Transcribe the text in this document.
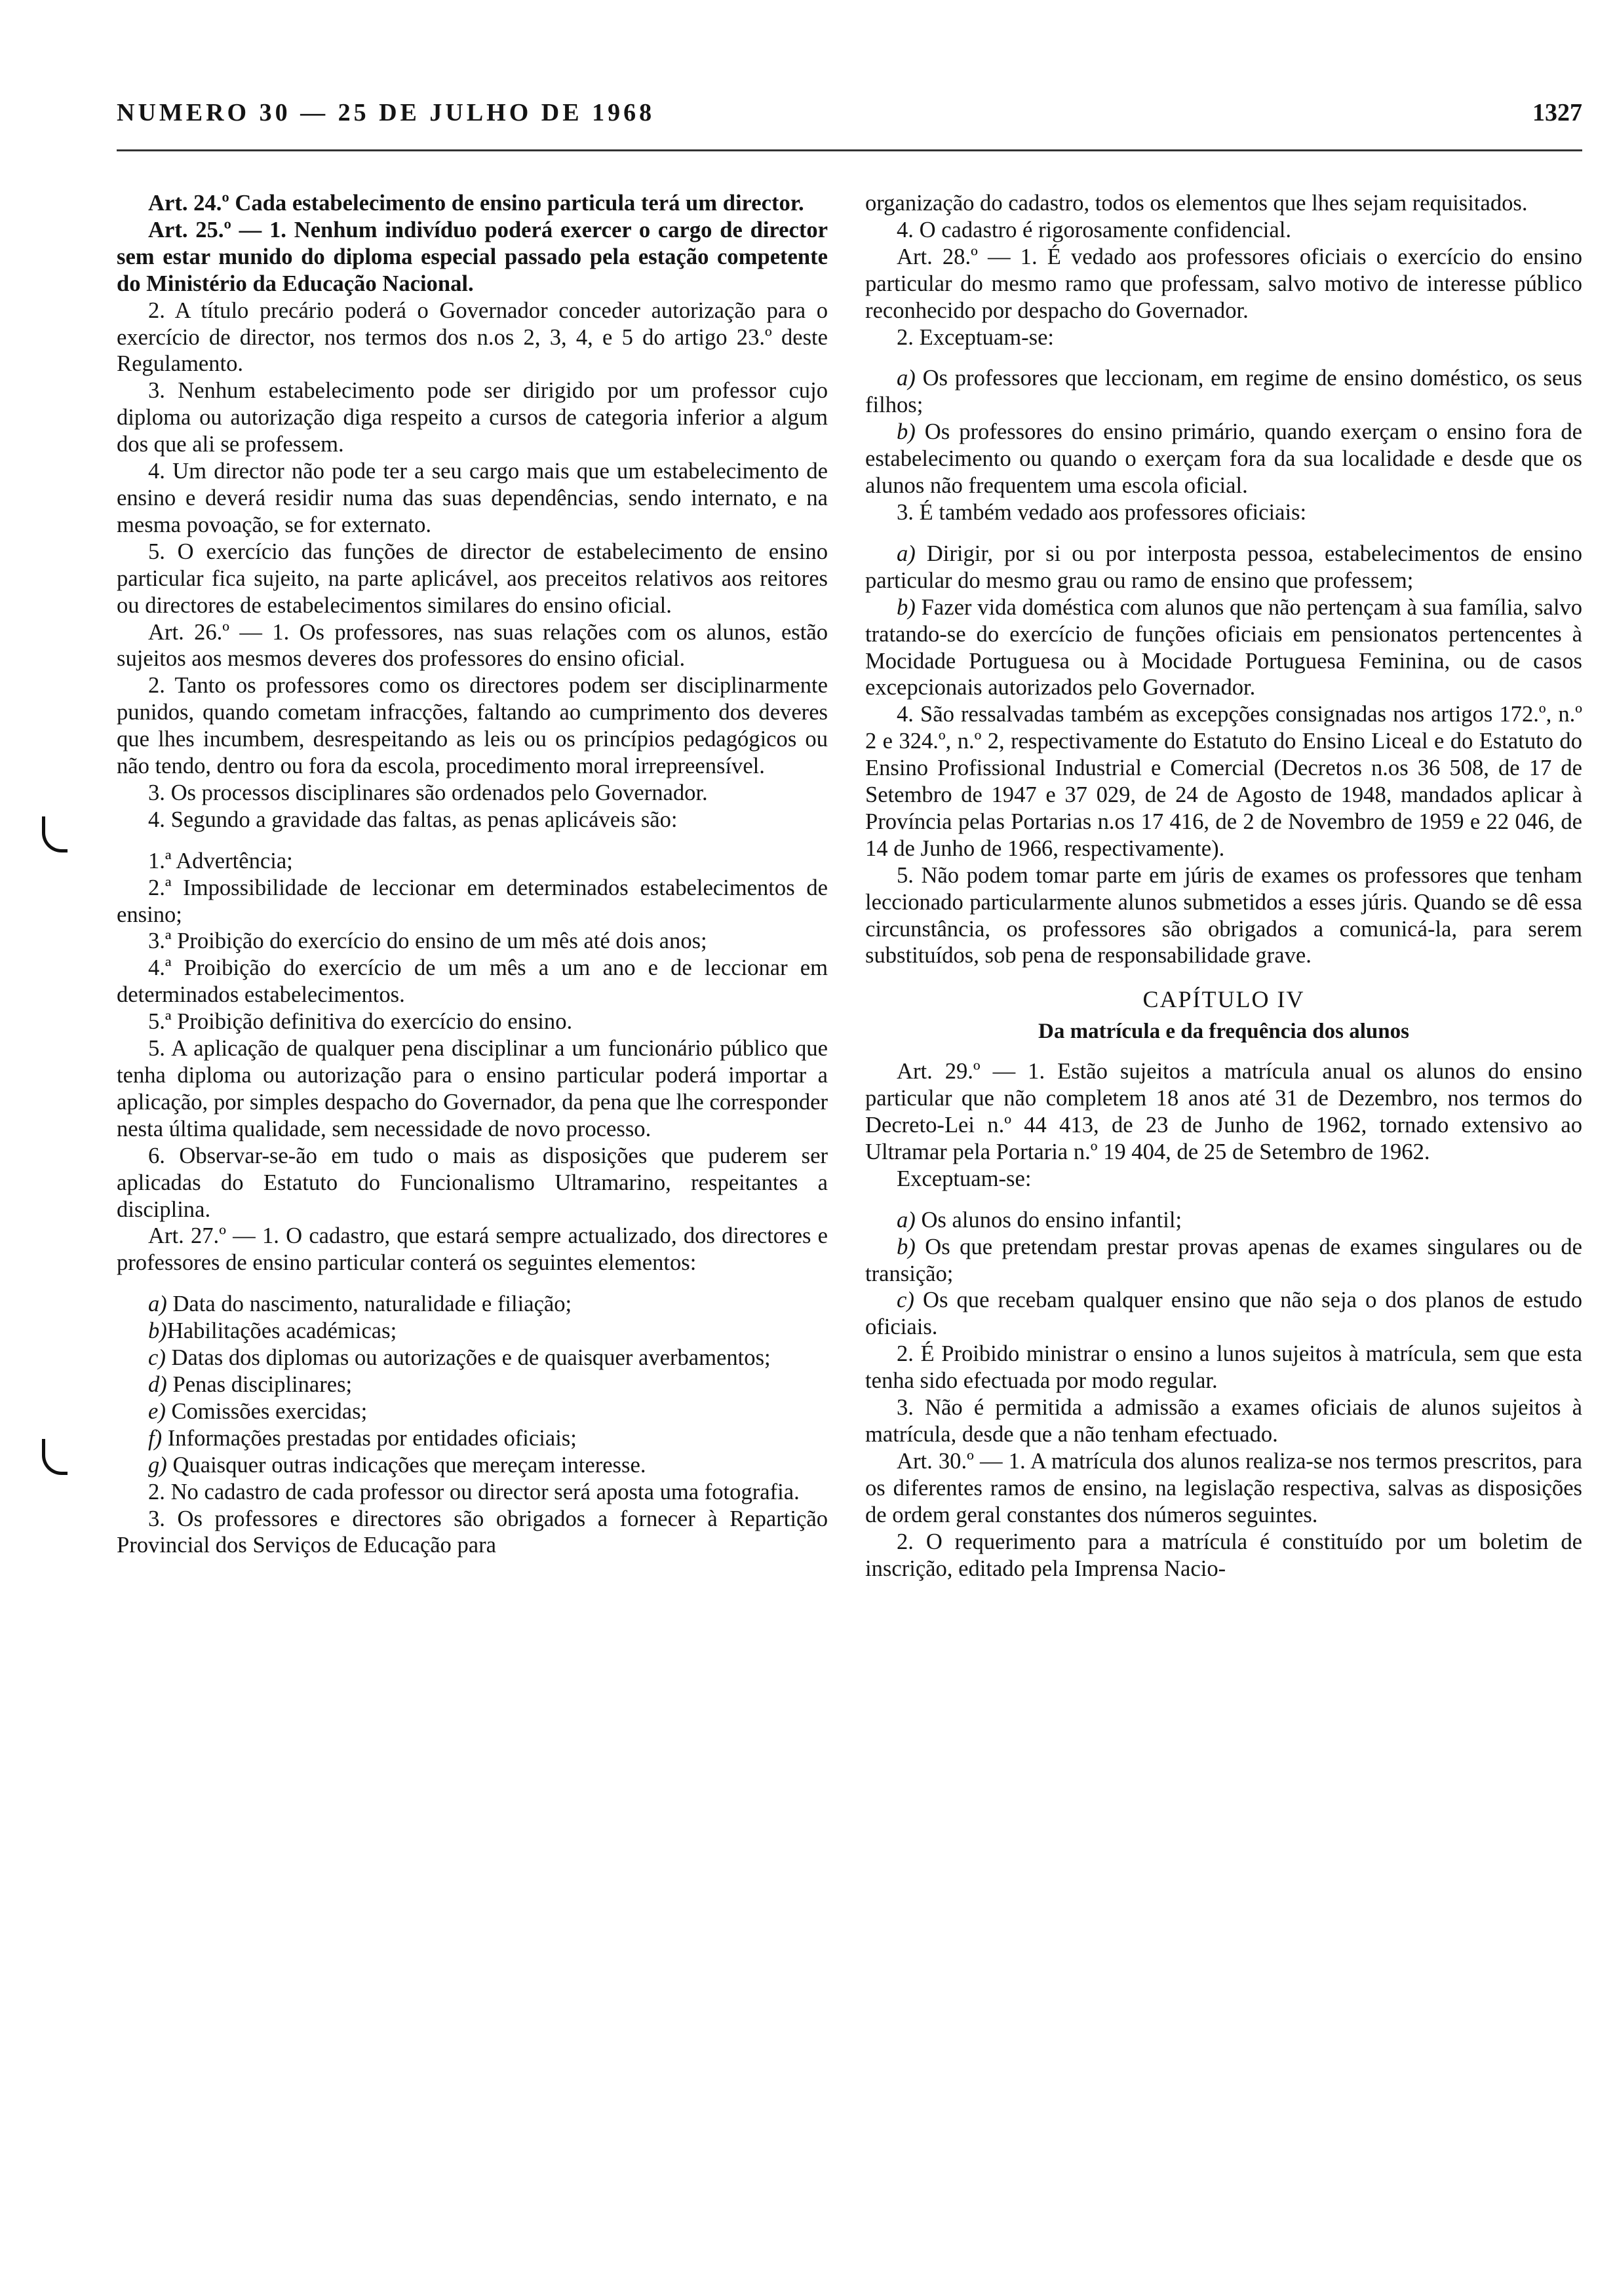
NUMERO 30 — 25 DE JULHO DE 1968	1327

Art. 24.º Cada estabelecimento de ensino particula terá um director.

Art. 25.º — 1. Nenhum indivíduo poderá exercer o cargo de director sem estar munido do diploma especial passado pela estação competente do Ministério da Educação Nacional.

2. A título precário poderá o Governador conceder autorização para o exercício de director, nos termos dos n.os 2, 3, 4, e 5 do artigo 23.º deste Regulamento.

3. Nenhum estabelecimento pode ser dirigido por um professor cujo diploma ou autorização diga respeito a cursos de categoria inferior a algum dos que ali se professem.

4. Um director não pode ter a seu cargo mais que um estabelecimento de ensino e deverá residir numa das suas dependências, sendo internato, e na mesma povoação, se for externato.

5. O exercício das funções de director de estabelecimento de ensino particular fica sujeito, na parte aplicável, aos preceitos relativos aos reitores ou directores de estabelecimentos similares do ensino oficial.

Art. 26.º — 1. Os professores, nas suas relações com os alunos, estão sujeitos aos mesmos deveres dos professores do ensino oficial.

2. Tanto os professores como os directores podem ser disciplinarmente punidos, quando cometam infracções, faltando ao cumprimento dos deveres que lhes incumbem, desrespeitando as leis ou os princípios pedagógicos ou não tendo, dentro ou fora da escola, procedimento moral irrepreensível.

3. Os processos disciplinares são ordenados pelo Governador.

4. Segundo a gravidade das faltas, as penas aplicáveis são:

1.ª Advertência;

2.ª Impossibilidade de leccionar em determinados estabelecimentos de ensino;

3.ª Proibição do exercício do ensino de um mês até dois anos;

4.ª Proibição do exercício de um mês a um ano e de leccionar em determinados estabelecimentos.

5.ª Proibição definitiva do exercício do ensino.

5. A aplicação de qualquer pena disciplinar a um funcionário público que tenha diploma ou autorização para o ensino particular poderá importar a aplicação, por simples despacho do Governador, da pena que lhe corresponder nesta última qualidade, sem necessidade de novo processo.

6. Observar-se-ão em tudo o mais as disposições que puderem ser aplicadas do Estatuto do Funcionalismo Ultramarino, respeitantes a disciplina.

Art. 27.º — 1. O cadastro, que estará sempre actualizado, dos directores e professores de ensino particular conterá os seguintes elementos:

a) Data do nascimento, naturalidade e filiação;

b)Habilitações académicas;

c) Datas dos diplomas ou autorizações e de quaisquer averbamentos;

d) Penas disciplinares;

e) Comissões exercidas;

f) Informações prestadas por entidades oficiais;

g) Quaisquer outras indicações que mereçam interesse.

2. No cadastro de cada professor ou director será aposta uma fotografia.

3. Os professores e directores são obrigados a fornecer à Repartição Provincial dos Serviços de Educação para

organização do cadastro, todos os elementos que lhes sejam requisitados.

4. O cadastro é rigorosamente confidencial.

Art. 28.º — 1. É vedado aos professores oficiais o exercício do ensino particular do mesmo ramo que professam, salvo motivo de interesse público reconhecido por despacho do Governador.

2. Exceptuam-se:

a) Os professores que leccionam, em regime de ensino doméstico, os seus filhos;

b) Os professores do ensino primário, quando exerçam o ensino fora de estabelecimento ou quando o exerçam fora da sua localidade e desde que os alunos não frequentem uma escola oficial.

3. É também vedado aos professores oficiais:

a) Dirigir, por si ou por interposta pessoa, estabelecimentos de ensino particular do mesmo grau ou ramo de ensino que professem;

b) Fazer vida doméstica com alunos que não pertençam à sua família, salvo tratando-se do exercício de funções oficiais em pensionatos pertencentes à Mocidade Portuguesa ou à Mocidade Portuguesa Feminina, ou de casos excepcionais autorizados pelo Governador.

4. São ressalvadas também as excepções consignadas nos artigos 172.º, n.º 2 e 324.º, n.º 2, respectivamente do Estatuto do Ensino Liceal e do Estatuto do Ensino Profissional Industrial e Comercial (Decretos n.os 36 508, de 17 de Setembro de 1947 e 37 029, de 24 de Agosto de 1948, mandados aplicar à Província pelas Portarias n.os 17 416, de 2 de Novembro de 1959 e 22 046, de 14 de Junho de 1966, respectivamente).

5. Não podem tomar parte em júris de exames os professores que tenham leccionado particularmente alunos submetidos a esses júris. Quando se dê essa circunstância, os professores são obrigados a comunicá-la, para serem substituídos, sob pena de responsabilidade grave.

CAPÍTULO IV

Da matrícula e da frequência dos alunos

Art. 29.º — 1. Estão sujeitos a matrícula anual os alunos do ensino particular que não completem 18 anos até 31 de Dezembro, nos termos do Decreto-Lei n.º 44 413, de 23 de Junho de 1962, tornado extensivo ao Ultramar pela Portaria n.º 19 404, de 25 de Setembro de 1962.

Exceptuam-se:

a) Os alunos do ensino infantil;

b) Os que pretendam prestar provas apenas de exames singulares ou de transição;

c) Os que recebam qualquer ensino que não seja o dos planos de estudo oficiais.

2. É Proibido ministrar o ensino a lunos sujeitos à matrícula, sem que esta tenha sido efectuada por modo regular.

3. Não é permitida a admissão a exames oficiais de alunos sujeitos à matrícula, desde que a não tenham efectuado.

Art. 30.º — 1. A matrícula dos alunos realiza-se nos termos prescritos, para os diferentes ramos de ensino, na legislação respectiva, salvas as disposições de ordem geral constantes dos números seguintes.

2. O requerimento para a matrícula é constituído por um boletim de inscrição, editado pela Imprensa Nacio-
